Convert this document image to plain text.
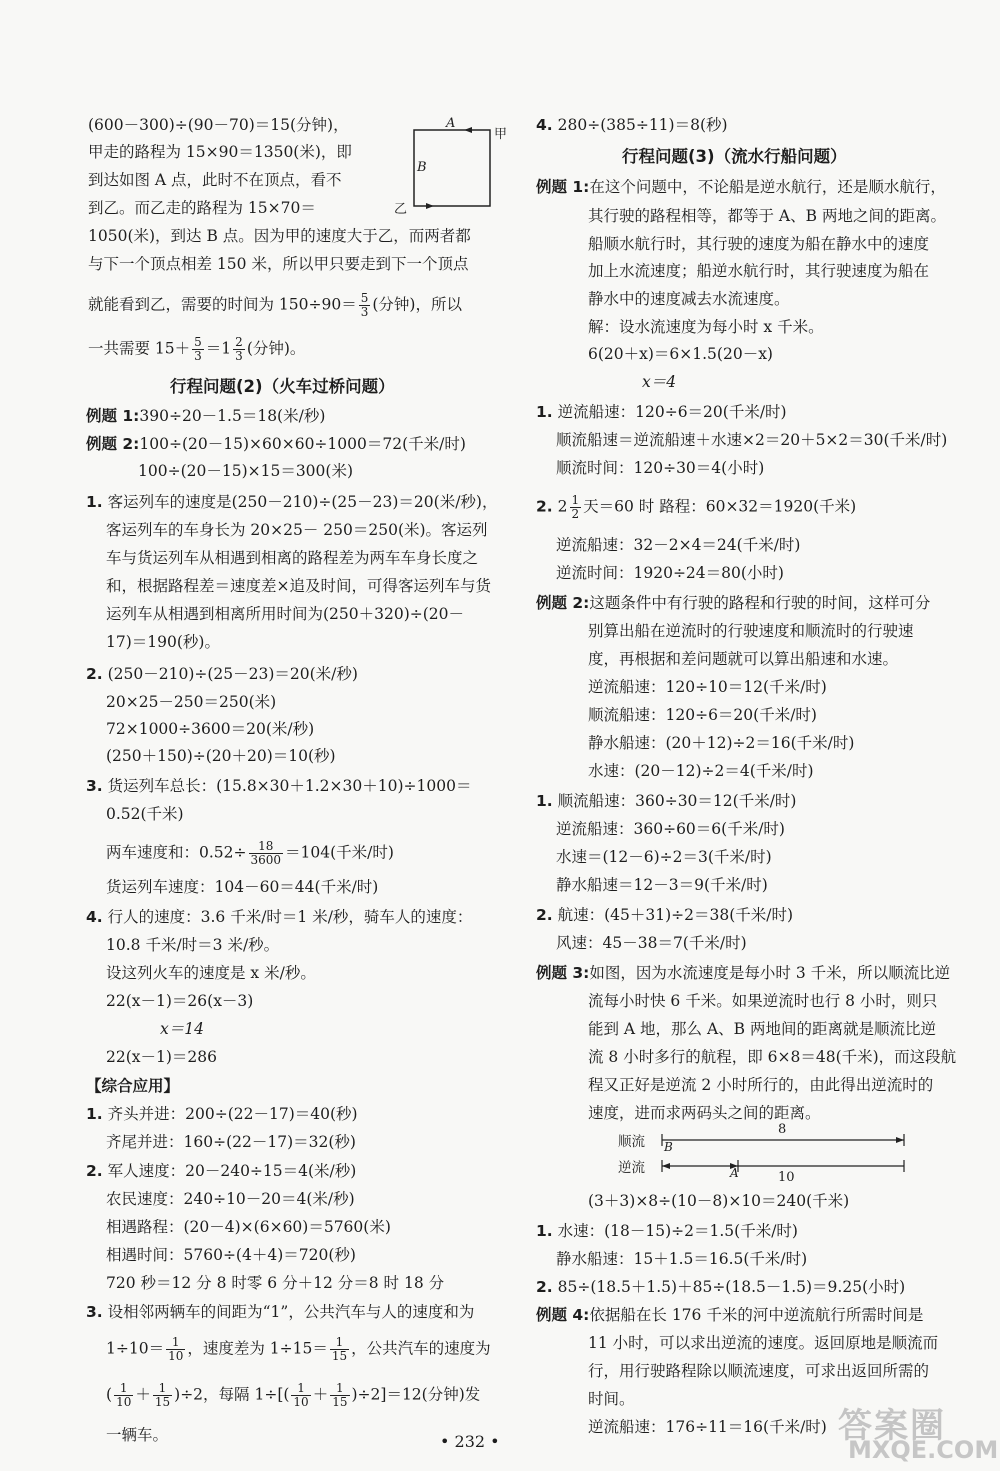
(600－300)÷(90－70)＝15(分钟)，
甲走的路程为 15×90＝1350(米)，即
到达如图 A 点，此时不在顶点，看不
到乙。而乙走的路程为 15×70＝
A
甲
B
乙
1050(米)，到达 B 点。因为甲的速度大于乙，而两者都
与下一个顶点相差 150 米，所以甲只要走到下一个顶点
就能看到乙，需要的时间为 $150\div 90= \frac{5}{3}$ (分钟)，所以
一共需要 $15+ \frac{5}{3} =1 \frac{2}{3}$ (分钟)。
行程问题(2)（火车过桥问题）
例题 1:390÷20－1.5＝18(米/秒)
例题 2:100÷(20－15)×60×60÷1000＝72(千米/时)
100÷(20－15)×15＝300(米)
1. 客运列车的速度是(250－210)÷(25－23)＝20(米/秒)，
客运列车的车身长为 20×25－ 250＝250(米)。客运列
车与货运列车从相遇到相离的路程差为两车车身长度之
和，根据路程差＝速度差×追及时间，可得客运列车与货
运列车从相遇到相离所用时间为(250＋320)÷(20－
17)＝190(秒)。
2. (250－210)÷(25－23)＝20(米/秒)
20×25－250＝250(米)
72×1000÷3600＝20(米/秒)
(250＋150)÷(20＋20)＝10(秒)
3. 货运列车总长：(15.8×30＋1.2×30＋10)÷1000＝
0.52(千米)
两车速度和：$0.52\div \frac{18}{3600} =104$(千米/时)
货运列车速度：104－60＝44(千米/时)
4. 行人的速度：3.6 千米/时＝1 米/秒，骑车人的速度：
10.8 千米/时＝3 米/秒。
设这列火车的速度是 x 米/秒。
22(x－1)＝26(x－3)
x＝14
22(x－1)＝286
【综合应用】
1. 齐头并进：200÷(22－17)＝40(秒)
齐尾并进：160÷(22－17)＝32(秒)
2. 军人速度：20－240÷15＝4(米/秒)
农民速度：240÷10－20＝4(米/秒)
相遇路程：(20－4)×(6×60)＝5760(米)
相遇时间：5760÷(4＋4)＝720(秒)
720 秒＝12 分 8 时零 6 分＋12 分＝8 时 18 分
3. 设相邻两辆车的间距为“1”，公共汽车与人的速度和为
$1\div 10= \frac{1}{10}$ ，速度差为 $1\div 15= \frac{1}{15}$ ，公共汽车的速度为
( $\frac{1}{10} + \frac{1}{15} )\div 2$，每隔 $1\div[( \frac{1}{10} + \frac{1}{15} )\div 2]=12$(分钟)发
一辆车。
4. 280÷(385÷11)＝8(秒)
行程问题(3)（流水行船问题）
例题 1:在这个问题中，不论船是逆水航行，还是顺水航行，
其行驶的路程相等，都等于 A、B 两地之间的距离。
船顺水航行时，其行驶的速度为船在静水中的速度
加上水流速度；船逆水航行时，其行驶速度为船在
静水中的速度减去水流速度。
解：设水流速度为每小时 x 千米。
6(20＋x)＝6×1.5(20－x)
x＝4
1. 逆流船速：120÷6＝20(千米/时)
顺流船速＝逆流船速＋水速×2＝20＋5×2＝30(千米/时)
顺流时间：120÷30＝4(小时)
2. $2 \frac{1}{2}$ 天＝60 时 路程：60×32＝1920(千米)
逆流船速：32－2×4＝24(千米/时)
逆流时间：1920÷24＝80(小时)
例题 2:这题条件中有行驶的路程和行驶的时间，这样可分
别算出船在逆流时的行驶速度和顺流时的行驶速
度，再根据和差问题就可以算出船速和水速。
逆流船速：120÷10＝12(千米/时)
顺流船速：120÷6＝20(千米/时)
静水船速：(20＋12)÷2＝16(千米/时)
水速：(20－12)÷2＝4(千米/时)
1. 顺流船速：360÷30＝12(千米/时)
逆流船速：360÷60＝6(千米/时)
水速＝(12－6)÷2＝3(千米/时)
静水船速＝12－3＝9(千米/时)
2. 航速：(45＋31)÷2＝38(千米/时)
风速：45－38＝7(千米/时)
例题 3:如图，因为水流速度是每小时 3 千米，所以顺流比逆
流每小时快 6 千米。如果逆流时也行 8 小时，则只
能到 A 地，那么 A、B 两地间的距离就是顺流比逆
流 8 小时多行的航程，即 6×8＝48(千米)，而这段航
程又正好是逆流 2 小时所行的，由此得出逆流时的
速度，进而求两码头之间的距离。
顺流
逆流
8
B
A	10
(3＋3)×8÷(10－8)×10＝240(千米)
1. 水速：(18－15)÷2＝1.5(千米/时)
静水船速：15＋1.5＝16.5(千米/时)
2. 85÷(18.5＋1.5)＋85÷(18.5－1.5)＝9.25(小时)
例题 4:依据船在长 176 千米的河中逆流航行所需时间是
11 小时，可以求出逆流的速度。返回原地是顺流而
行，用行驶路程除以顺流速度，可求出返回所需的
时间。
逆流船速：176÷11＝16(千米/时)
• 232 •	答案圈
MXQE.COM
